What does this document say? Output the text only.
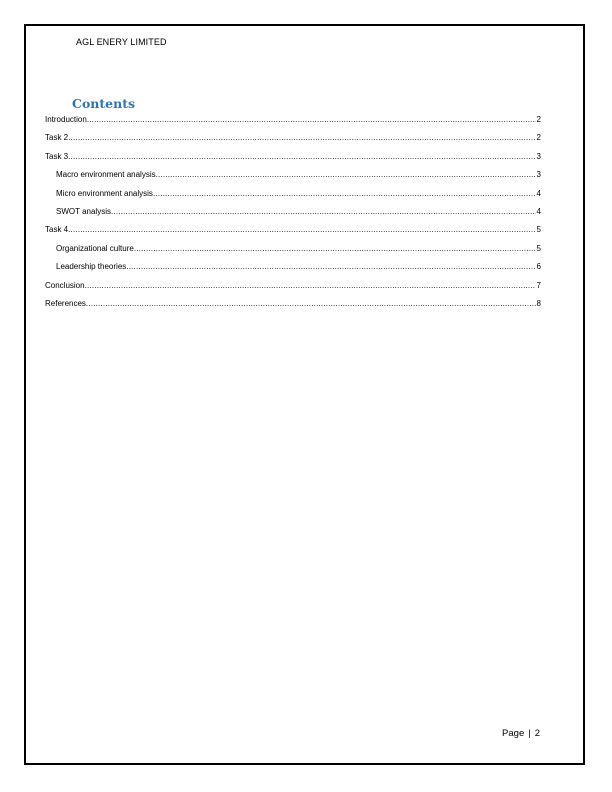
AGL ENERY LIMITED
Contents
Introduction .....	2
Task 2 .....	2
Task 3 .....	3
Macro environment analysis .....	3
Micro environment analysis .....	4
SWOT analysis .....	4
Task 4 .....	5
Organizational culture .....	5
Leadership theories .....	6
Conclusion .....	7
References .....	8
Page | 2
